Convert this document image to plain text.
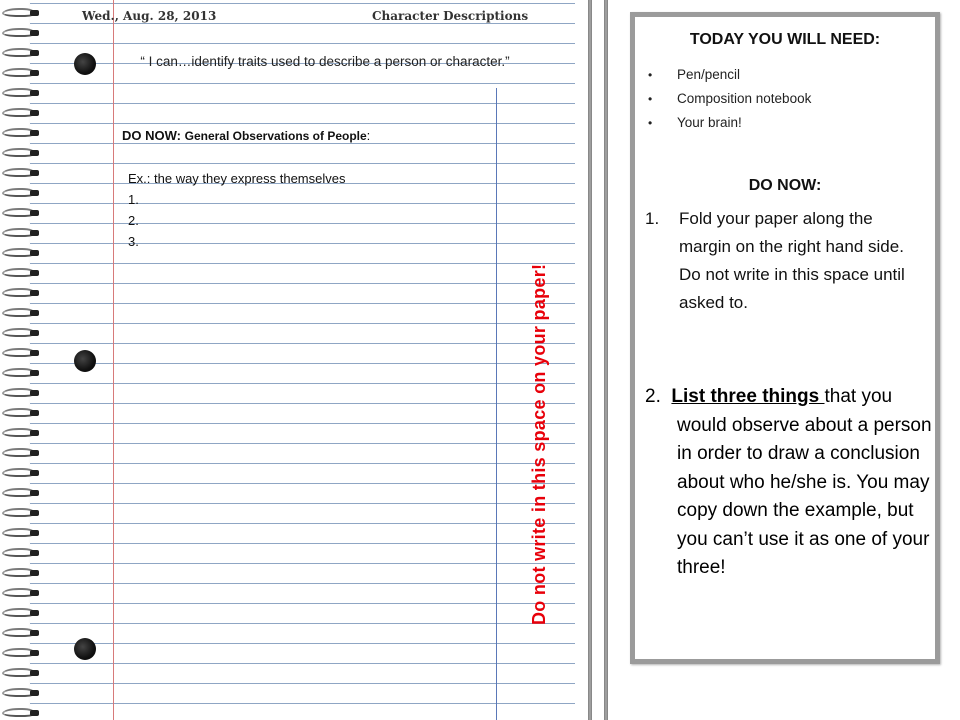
Wed., Aug. 28, 2013	Character Descriptions
“ I can…identify traits used to describe a person or character.”
DO NOW: General Observations of People:
Ex.: the way they express themselves
1.
2.
3.
Do not write in this space on your paper!
TODAY YOU WILL NEED:
• Pen/pencil
• Composition notebook
• Your brain!
DO NOW:
1.	Fold your paper along the margin on the right hand side. Do not write in this space until asked to.
2. List three things that you would observe about a person in order to draw a conclusion about who he/she is. You may copy down the example, but you can’t use it as one of your three!
